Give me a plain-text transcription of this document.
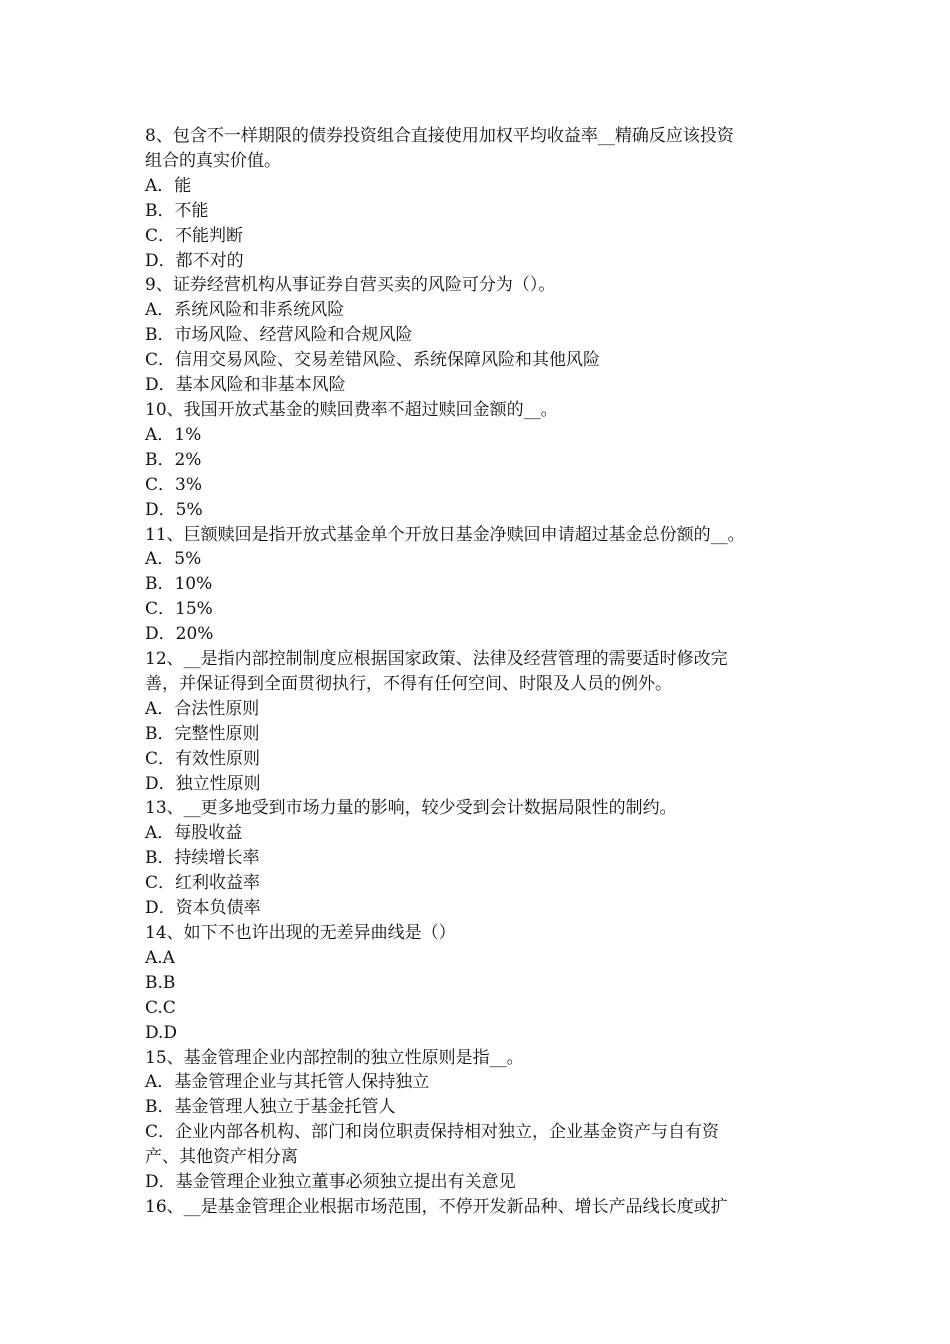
8、包含不一样期限的债券投资组合直接使用加权平均收益率__精确反应该投资

组合的真实价值。

A．能

B．不能

C．不能判断

D．都不对的

9、证券经营机构从事证券自营买卖的风险可分为（）。

A．系统风险和非系统风险

B．市场风险、经营风险和合规风险

C．信用交易风险、交易差错风险、系统保障风险和其他风险

D．基本风险和非基本风险

10、我国开放式基金的赎回费率不超过赎回金额的__。

A．1%

B．2%

C．3%

D．5%

11、巨额赎回是指开放式基金单个开放日基金净赎回申请超过基金总份额的__。

A．5%

B．10%

C．15%

D．20%

12、__是指内部控制制度应根据国家政策、法律及经营管理的需要适时修改完

善，并保证得到全面贯彻执行，不得有任何空间、时限及人员的例外。

A．合法性原则

B．完整性原则

C．有效性原则

D．独立性原则

13、__更多地受到市场力量的影响，较少受到会计数据局限性的制约。

A．每股收益

B．持续增长率

C．红利收益率

D．资本负债率

14、如下不也许出现的无差异曲线是（）

A.A

B.B

C.C

D.D

15、基金管理企业内部控制的独立性原则是指__。

A．基金管理企业与其托管人保持独立

B．基金管理人独立于基金托管人

C．企业内部各机构、部门和岗位职责保持相对独立，企业基金资产与自有资

产、其他资产相分离

D．基金管理企业独立董事必须独立提出有关意见

16、__是基金管理企业根据市场范围，不停开发新品种、增长产品线长度或扩
